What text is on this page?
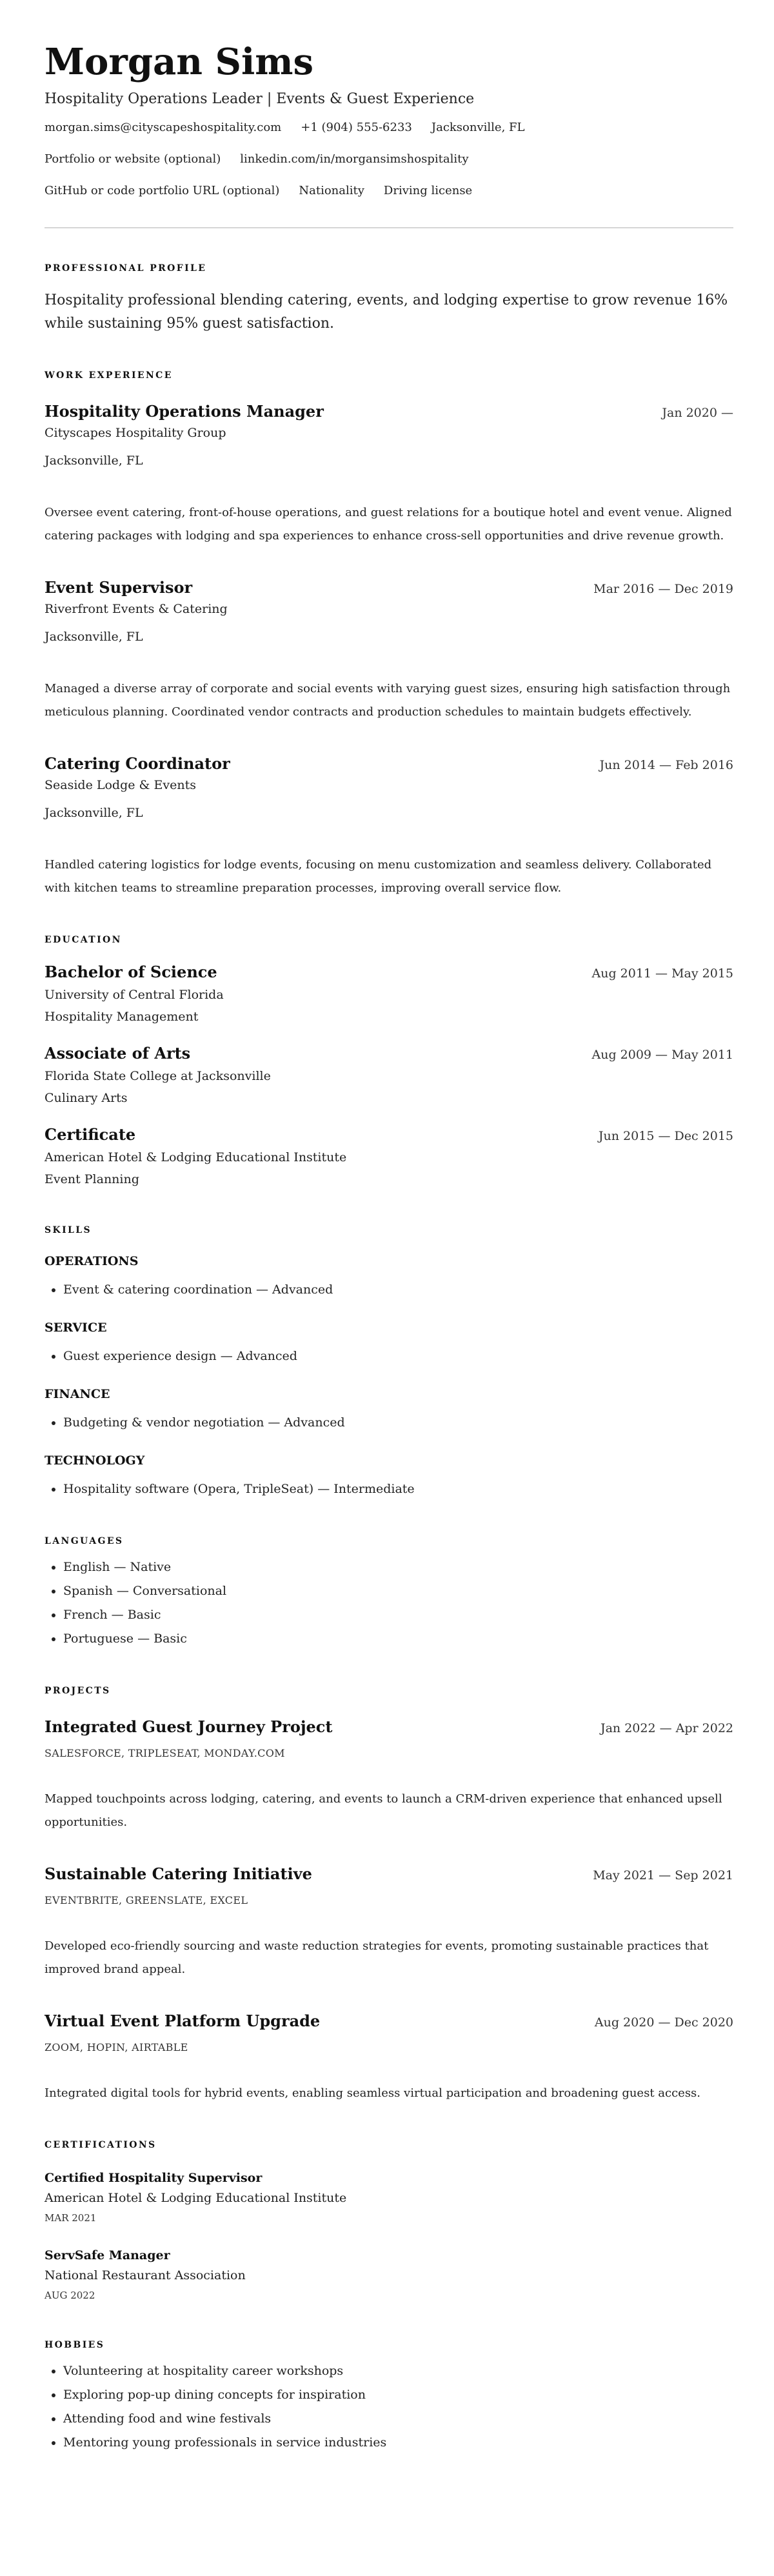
Morgan Sims
Hospitality Operations Leader | Events & Guest Experience
morgan.sims@cityscapeshospitality.com +1 (904) 555-6233 Jacksonville, FL
Portfolio or website (optional) linkedin.com/in/morgansimshospitality
GitHub or code portfolio URL (optional) Nationality Driving license
PROFESSIONAL PROFILE
Hospitality professional blending catering, events, and lodging expertise to grow revenue 16% while sustaining 95% guest satisfaction.
WORK EXPERIENCE
Hospitality Operations Manager	Jan 2020 —
Cityscapes Hospitality Group
Jacksonville, FL
Oversee event catering, front-of-house operations, and guest relations for a boutique hotel and event venue. Aligned catering packages with lodging and spa experiences to enhance cross-sell opportunities and drive revenue growth.
Event Supervisor	Mar 2016 — Dec 2019
Riverfront Events & Catering
Jacksonville, FL
Managed a diverse array of corporate and social events with varying guest sizes, ensuring high satisfaction through meticulous planning. Coordinated vendor contracts and production schedules to maintain budgets effectively.
Catering Coordinator	Jun 2014 — Feb 2016
Seaside Lodge & Events
Jacksonville, FL
Handled catering logistics for lodge events, focusing on menu customization and seamless delivery. Collaborated with kitchen teams to streamline preparation processes, improving overall service flow.
EDUCATION
Bachelor of Science	Aug 2011 — May 2015
University of Central Florida
Hospitality Management
Associate of Arts	Aug 2009 — May 2011
Florida State College at Jacksonville
Culinary Arts
Certificate	Jun 2015 — Dec 2015
American Hotel & Lodging Educational Institute
Event Planning
SKILLS
OPERATIONS
• Event & catering coordination — Advanced
SERVICE
• Guest experience design — Advanced
FINANCE
• Budgeting & vendor negotiation — Advanced
TECHNOLOGY
• Hospitality software (Opera, TripleSeat) — Intermediate
LANGUAGES
• English — Native
• Spanish — Conversational
• French — Basic
• Portuguese — Basic
PROJECTS
Integrated Guest Journey Project	Jan 2022 — Apr 2022
SALESFORCE, TRIPLESEAT, MONDAY.COM
Mapped touchpoints across lodging, catering, and events to launch a CRM-driven experience that enhanced upsell opportunities.
Sustainable Catering Initiative	May 2021 — Sep 2021
EVENTBRITE, GREENSLATE, EXCEL
Developed eco-friendly sourcing and waste reduction strategies for events, promoting sustainable practices that improved brand appeal.
Virtual Event Platform Upgrade	Aug 2020 — Dec 2020
ZOOM, HOPIN, AIRTABLE
Integrated digital tools for hybrid events, enabling seamless virtual participation and broadening guest access.
CERTIFICATIONS
Certified Hospitality Supervisor
American Hotel & Lodging Educational Institute
MAR 2021
ServSafe Manager
National Restaurant Association
AUG 2022
HOBBIES
• Volunteering at hospitality career workshops
• Exploring pop-up dining concepts for inspiration
• Attending food and wine festivals
• Mentoring young professionals in service industries
